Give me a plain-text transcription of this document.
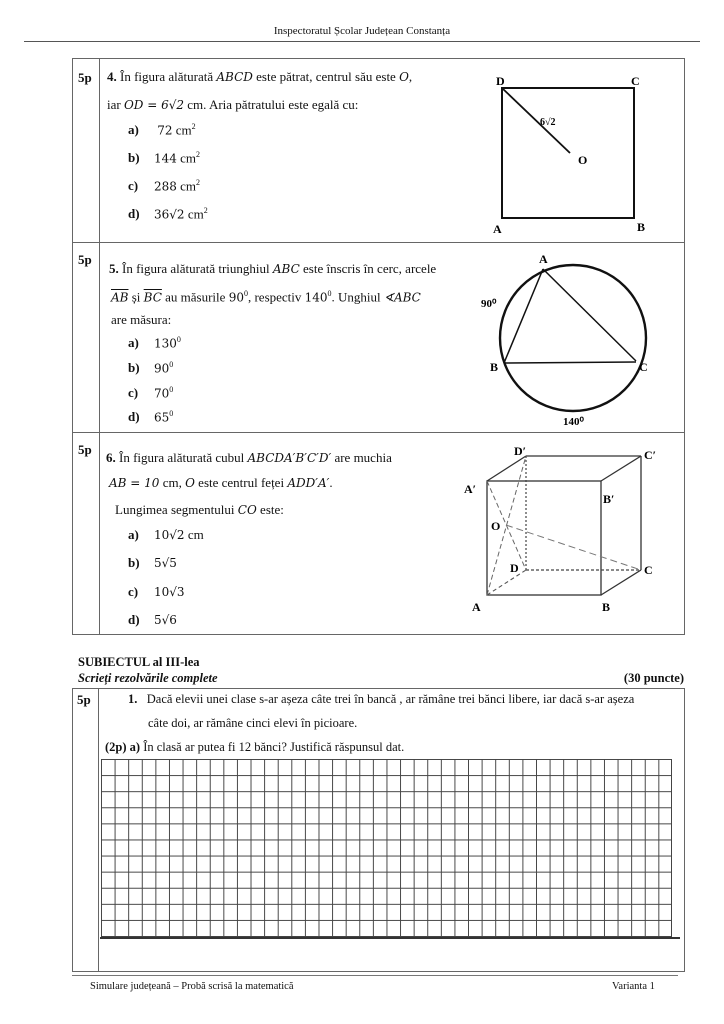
Inspectoratul Școlar Județean Constanța
5p 4. În figura alăturată ABCD este pătrat, centrul său este O,
iar OD = 6√2 cm. Aria pătratului este egală cu:
a) 72 $cm^2$
b) 144 $cm^2$
c) 288 $cm^2$
d) 36√2 $cm^2$
D	C
A	B
O
6√2
5p
5. În figura alăturată triunghiul ABC este înscris în cerc, arcele
$\overline{AB}$ și $\overline{BC}$ au măsurile $90^0$, respectiv $140^0$. Unghiul ∢ABC
are măsura:
a) $130^0$
b) $90^0$
c) $70^0$
d) $65^0$
A
B	C
90⁰
140⁰
5p
6. În figura alăturată cubul ABCDA′B′C′D′ are muchia
AB = 10 cm, O este centrul feței ADD′A′.
Lungimea segmentului CO este:
a) 10√2 cm
b) 5√5
c) 10√3
d) 5√6
D′	C′
A′
B′
O
D	C
A	B
SUBIECTUL al III-lea
Scrieți rezolvările complete	(30 puncte)
5p	1. Dacă elevii unei clase s-ar așeza câte trei în bancă , ar rămâne trei bănci libere, iar dacă s-ar așeza
câte doi, ar rămâne cinci elevi în picioare.
(2p) a) În clasă ar putea fi 12 bănci? Justifică răspunsul dat.
Simulare județeană – Probă scrisă la matematică	Varianta 1
